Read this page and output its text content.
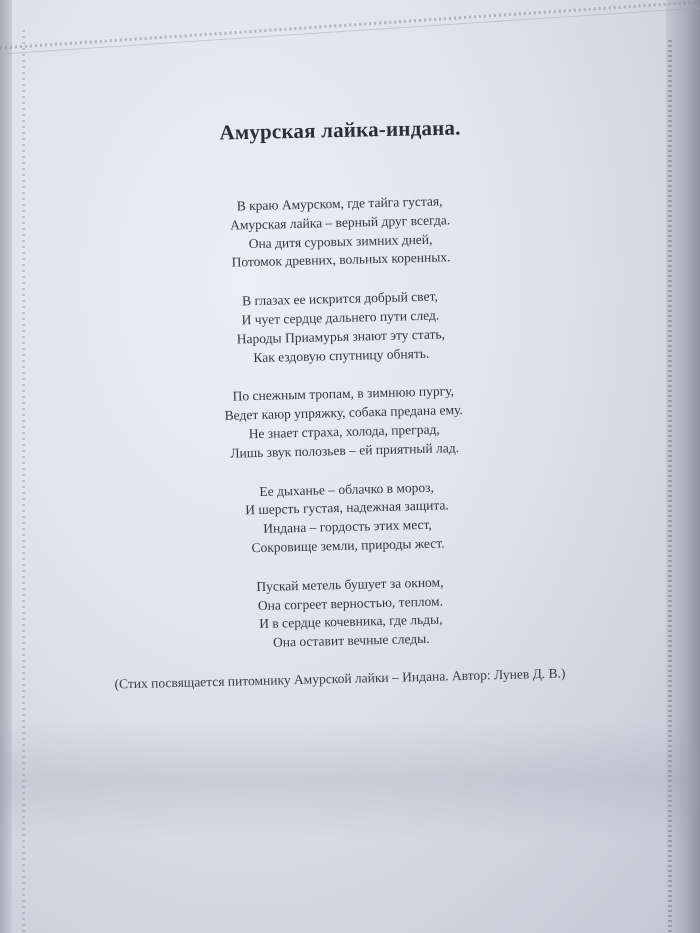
Амурская лайка-индана.
В краю Амурском, где тайга густая,
Амурская лайка – верный друг всегда.
Она дитя суровых зимних дней,
Потомок древних, вольных коренных.
В глазах ее искрится добрый свет,
И чует сердце дальнего пути след.
Народы Приамурья знают эту стать,
Как ездовую спутницу обнять.
По снежным тропам, в зимнюю пургу,
Ведет каюр упряжку, собака предана ему.
Не знает страха, холода, преград,
Лишь звук полозьев – ей приятный лад.
Ее дыханье – облачко в мороз,
И шерсть густая, надежная защита.
Индана – гордость этих мест,
Сокровище земли, природы жест.
Пускай метель бушует за окном,
Она согреет верностью, теплом.
И в сердце кочевника, где льды,
Она оставит вечные следы.
(Стих посвящается питомнику Амурской лайки – Индана. Автор: Лунев Д. В.)
